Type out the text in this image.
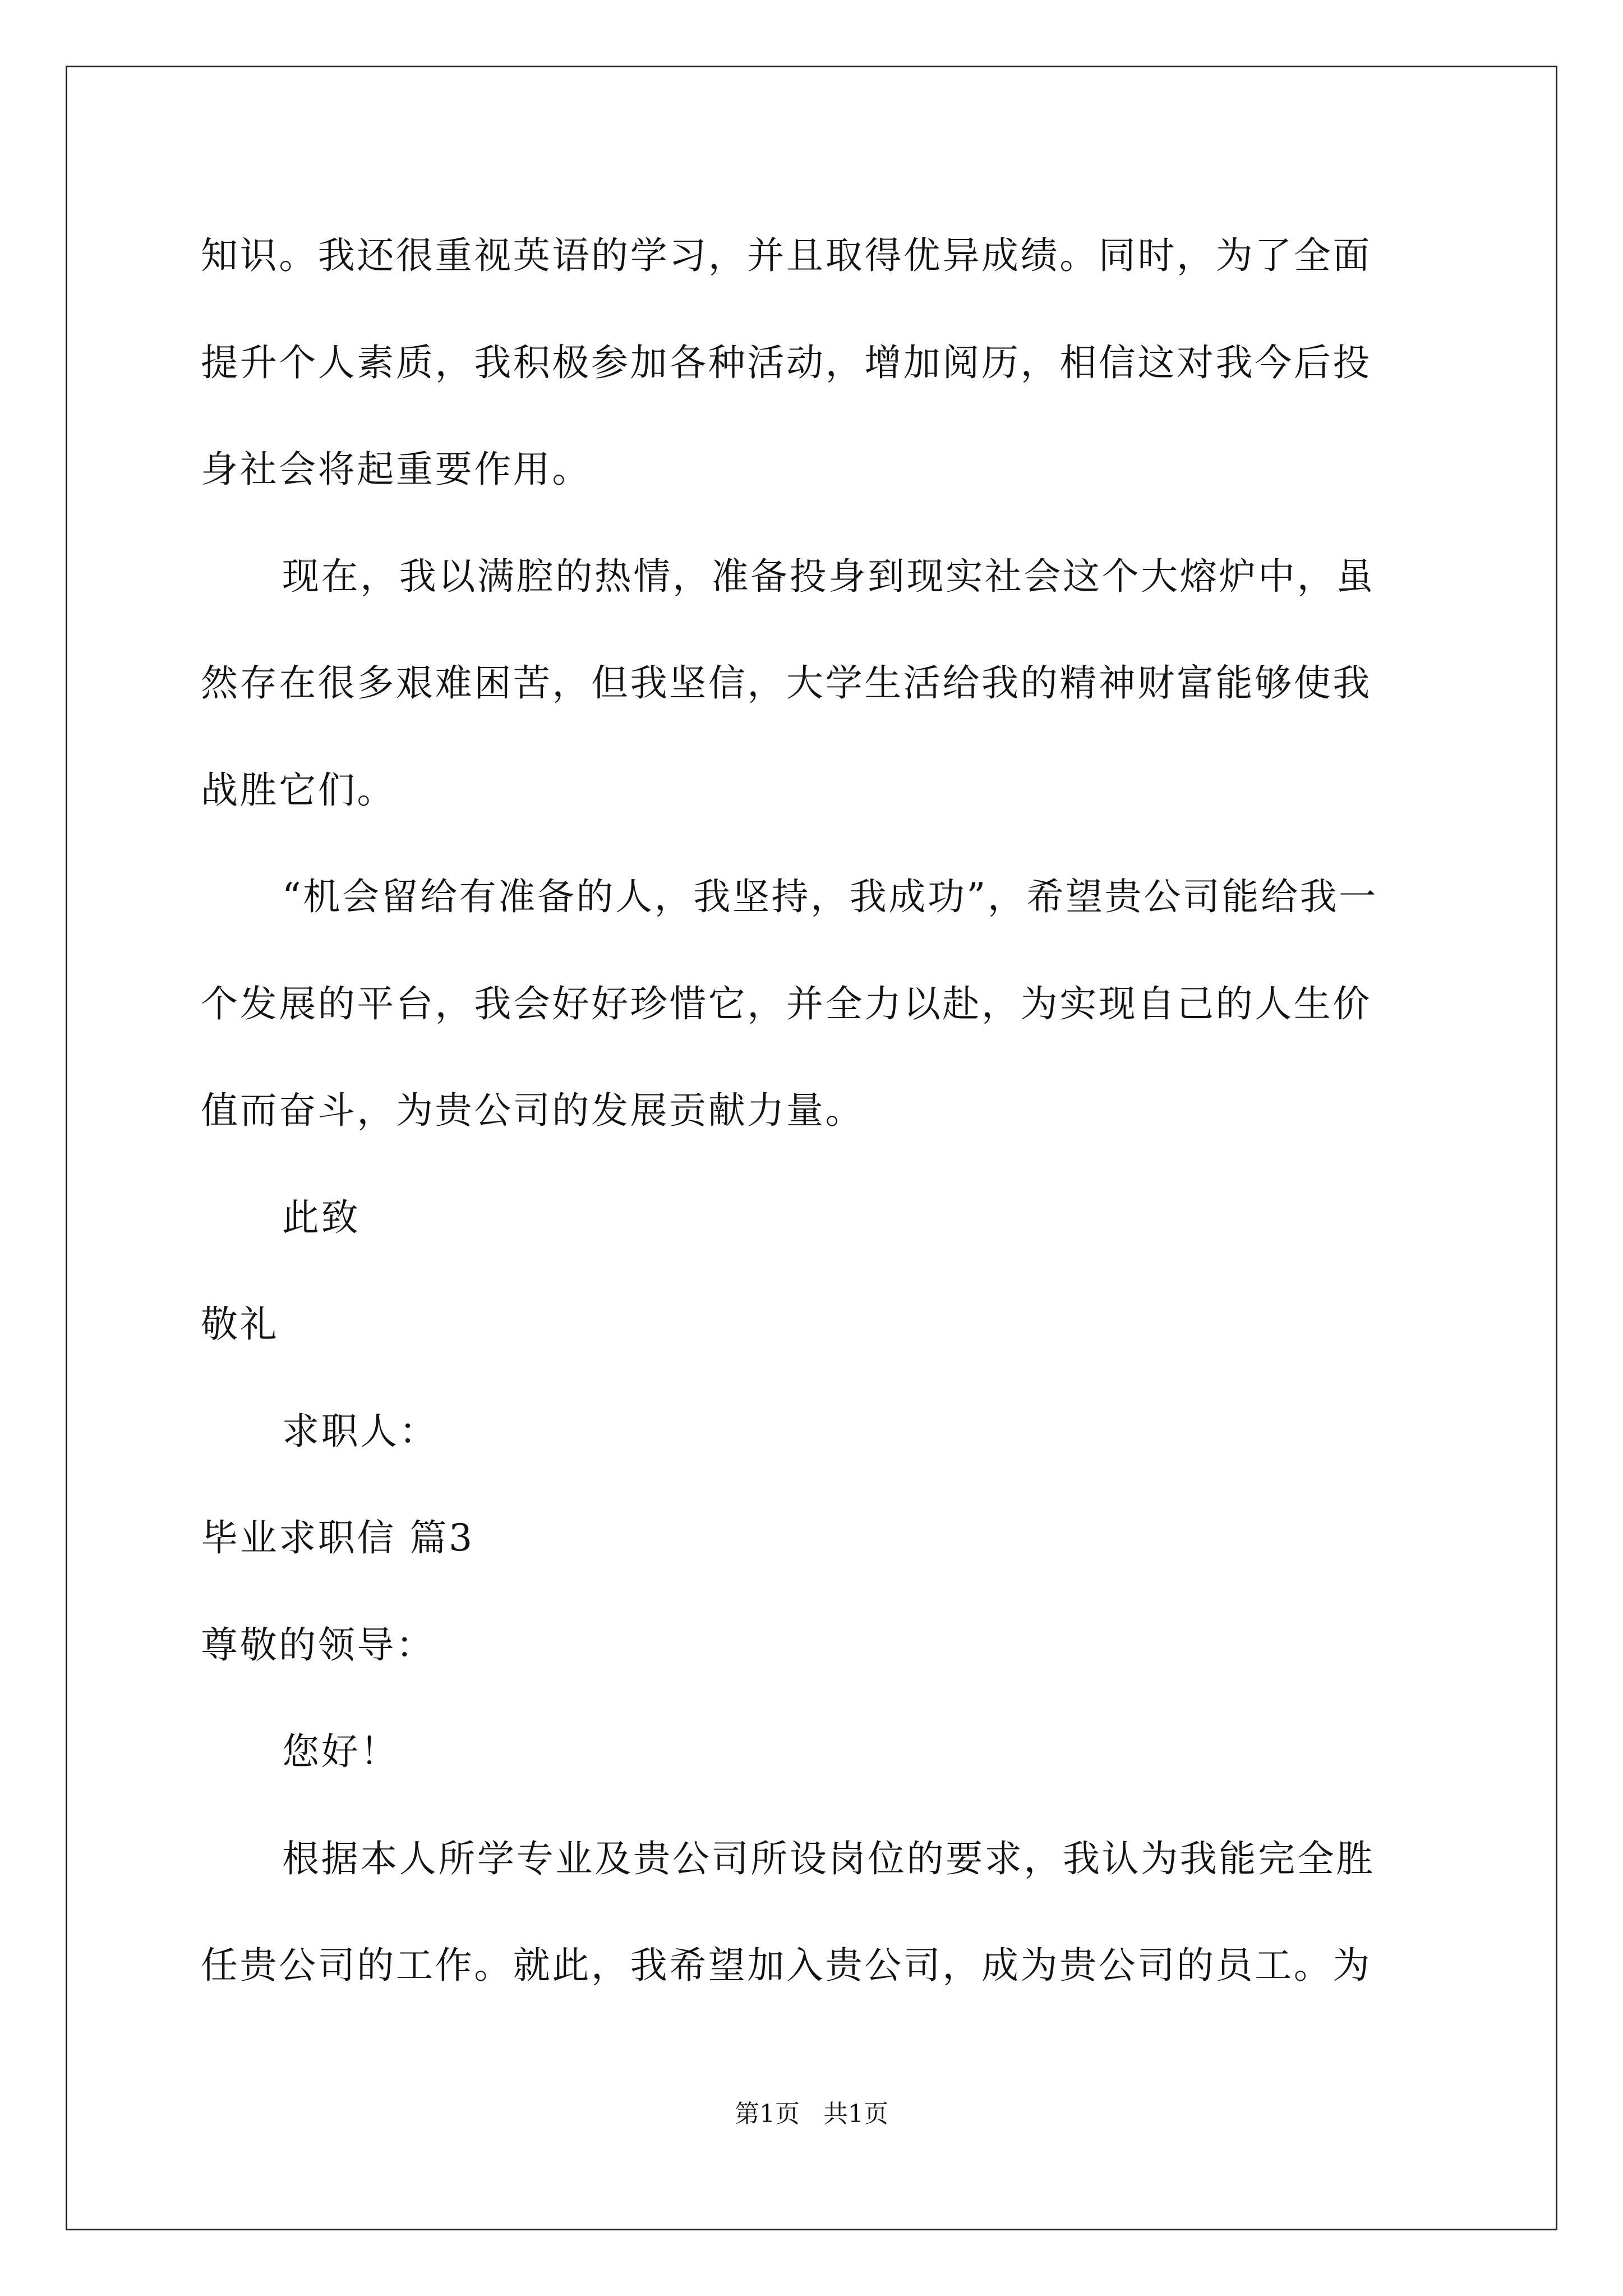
知识。我还很重视英语的学习，并且取得优异成绩。同时，为了全面
提升个人素质，我积极参加各种活动，增加阅历，相信这对我今后投
身社会将起重要作用。
现在，我以满腔的热情，准备投身到现实社会这个大熔炉中，虽
然存在很多艰难困苦，但我坚信，大学生活给我的精神财富能够使我
战胜它们。
“机会留给有准备的人，我坚持，我成功”，希望贵公司能给我一
个发展的平台，我会好好珍惜它，并全力以赴，为实现自己的人生价
值而奋斗，为贵公司的发展贡献力量。
此致
敬礼
求职人：
毕业求职信 篇3
尊敬的领导：
您好！
根据本人所学专业及贵公司所设岗位的要求，我认为我能完全胜
任贵公司的工作。就此，我希望加入贵公司，成为贵公司的员工。为
第1页   共1页
